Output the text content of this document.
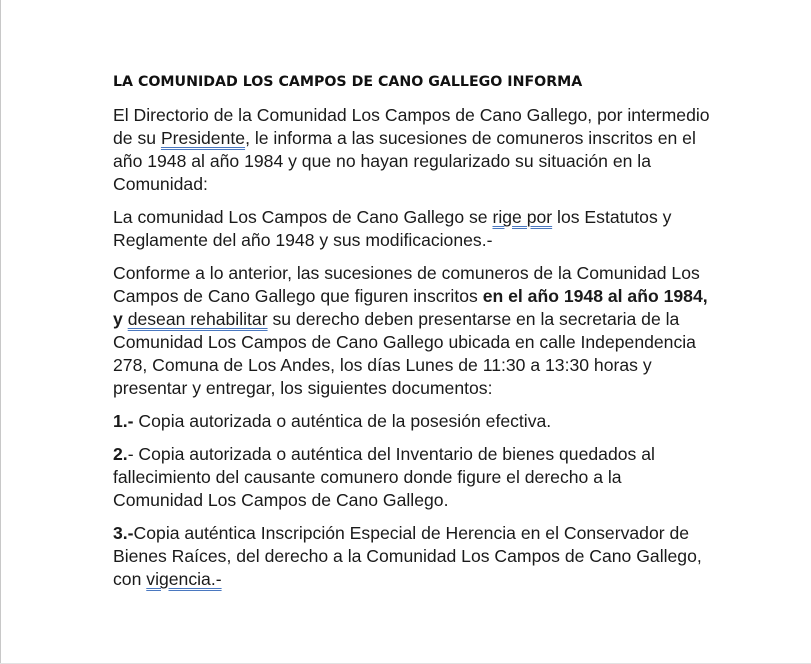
LA COMUNIDAD LOS CAMPOS DE CANO GALLEGO INFORMA

El Directorio de la Comunidad Los Campos de Cano Gallego, por intermedio de su Presidente, le informa a las sucesiones de comuneros inscritos en el año 1948 al año 1984 y que no hayan regularizado su situación en la Comunidad:

La comunidad Los Campos de Cano Gallego se rige por los Estatutos y Reglamente del año 1948 y sus modificaciones.-

Conforme a lo anterior, las sucesiones de comuneros de la Comunidad Los Campos de Cano Gallego que figuren inscritos en el año 1948 al año 1984, y desean rehabilitar su derecho deben presentarse en la secretaria de la Comunidad Los Campos de Cano Gallego ubicada en calle Independencia 278, Comuna de Los Andes, los días Lunes de 11:30 a 13:30 horas y presentar y entregar, los siguientes documentos:

1.- Copia autorizada o auténtica de la posesión efectiva.

2.- Copia autorizada o auténtica del Inventario de bienes quedados al fallecimiento del causante comunero donde figure el derecho a la Comunidad Los Campos de Cano Gallego.

3.-Copia auténtica Inscripción Especial de Herencia en el Conservador de Bienes Raíces, del derecho a la Comunidad Los Campos de Cano Gallego, con vigencia.-
